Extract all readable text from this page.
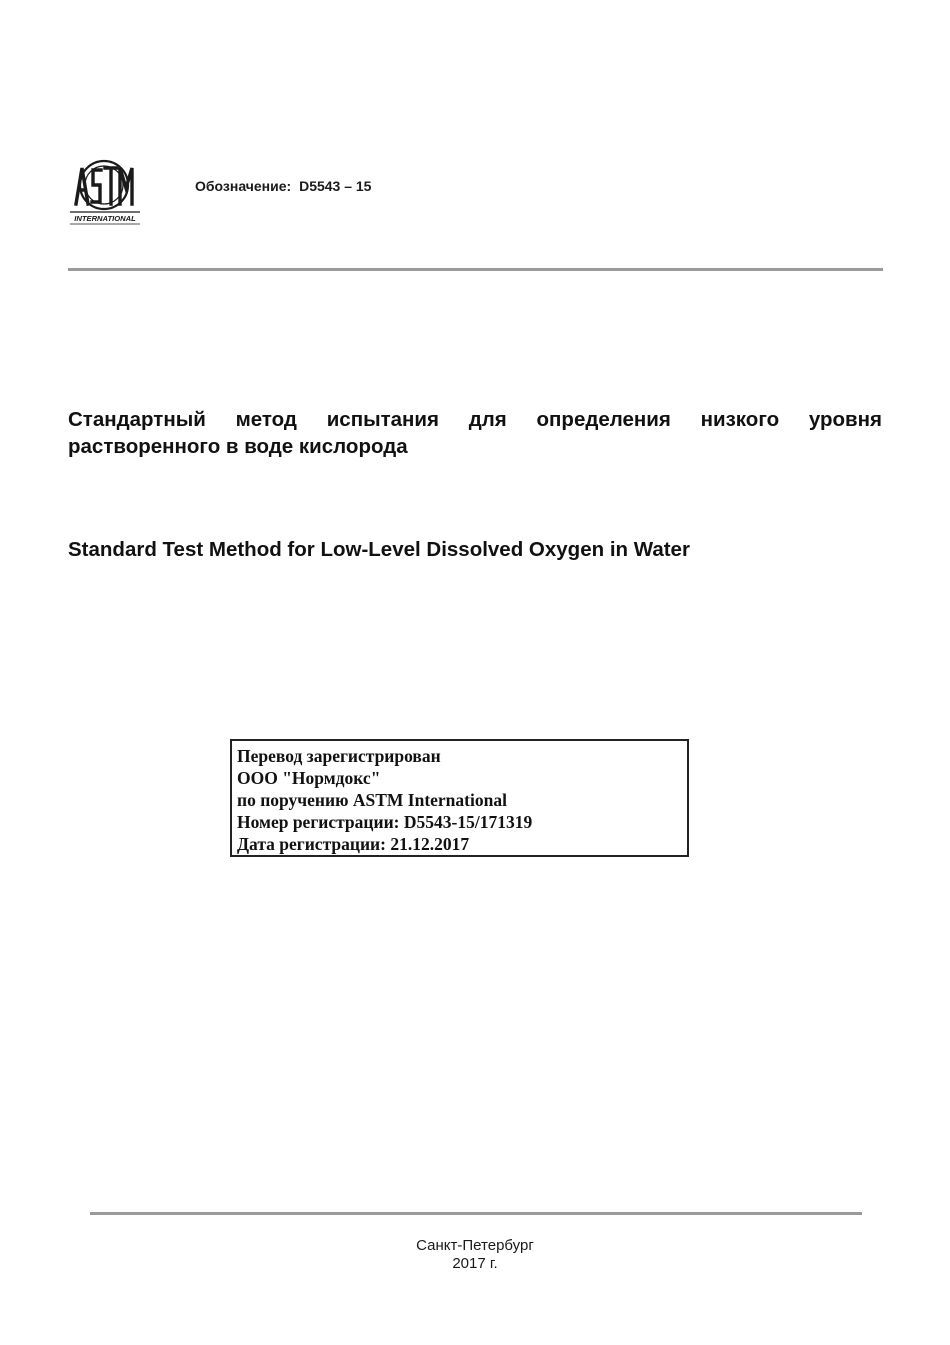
INTERNATIONAL
Обозначение: D5543 – 15
Стандартный метод испытания для определения низкого уровня растворенного в воде кислорода
Standard Test Method for Low-Level Dissolved Oxygen in Water
Перевод зарегистрирован
ООО "Нормдокс"
по поручению ASTM International
Номер регистрации: D5543-15/171319
Дата регистрации: 21.12.2017
Санкт-Петербург
2017 г.
